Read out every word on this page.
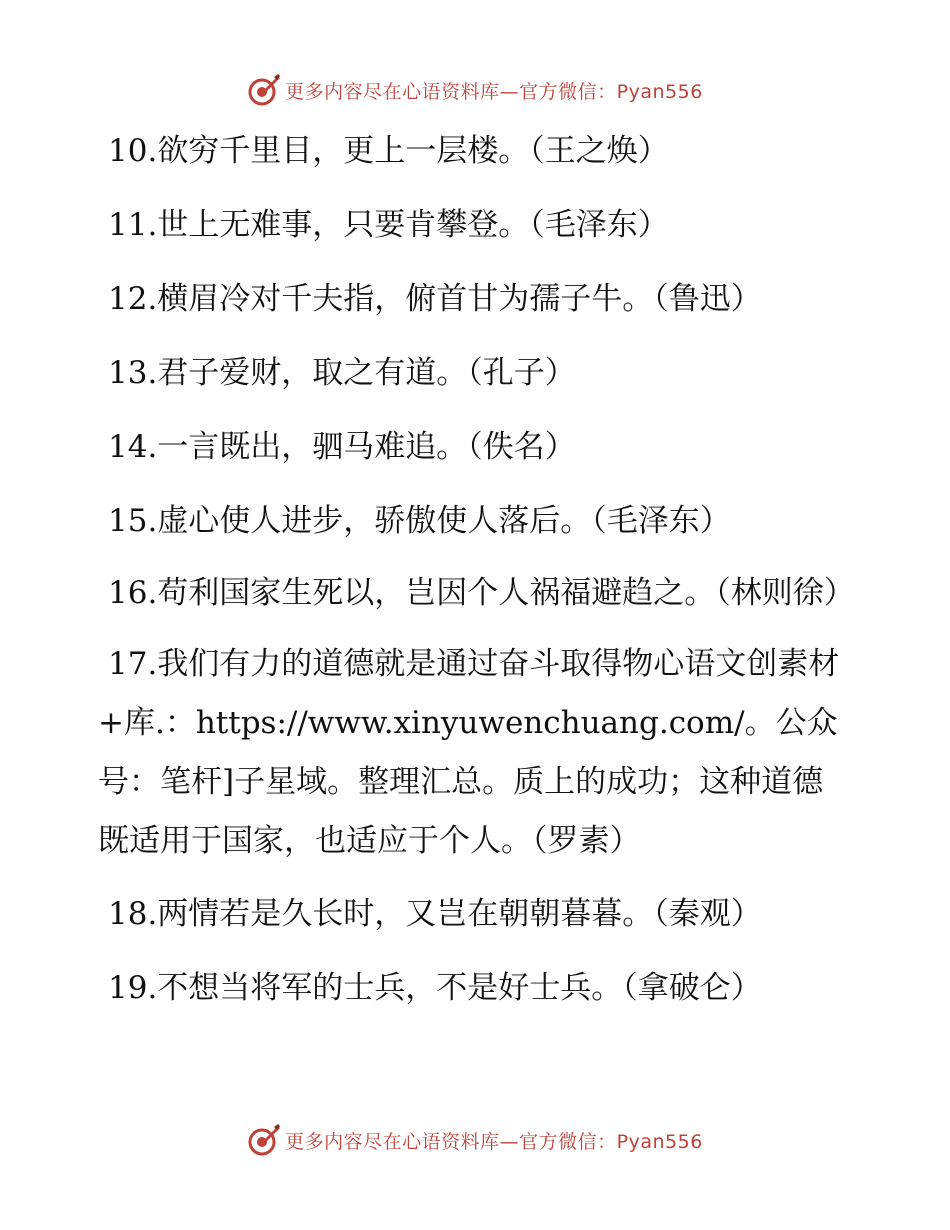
更多内容尽在心语资料库—官方微信：Pyan556

10.欲穷千里目，更上一层楼。（王之焕）

11.世上无难事，只要肯攀登。（毛泽东）

12.横眉冷对千夫指，俯首甘为孺子牛。（鲁迅）

13.君子爱财，取之有道。（孔子）

14.一言既出，驷马难追。（佚名）

15.虚心使人进步，骄傲使人落后。（毛泽东）

16.苟利国家生死以，岂因个人祸福避趋之。（林则徐）

17.我们有力的道德就是通过奋斗取得物心语文创素材+库.：https://www.xinyuwenchuang.com/。公众号：笔杆]子星域。整理汇总。质上的成功；这种道德既适用于国家，也适应于个人。（罗素）

18.两情若是久长时，又岂在朝朝暮暮。（秦观）

19.不想当将军的士兵，不是好士兵。（拿破仑）

更多内容尽在心语资料库—官方微信：Pyan556
